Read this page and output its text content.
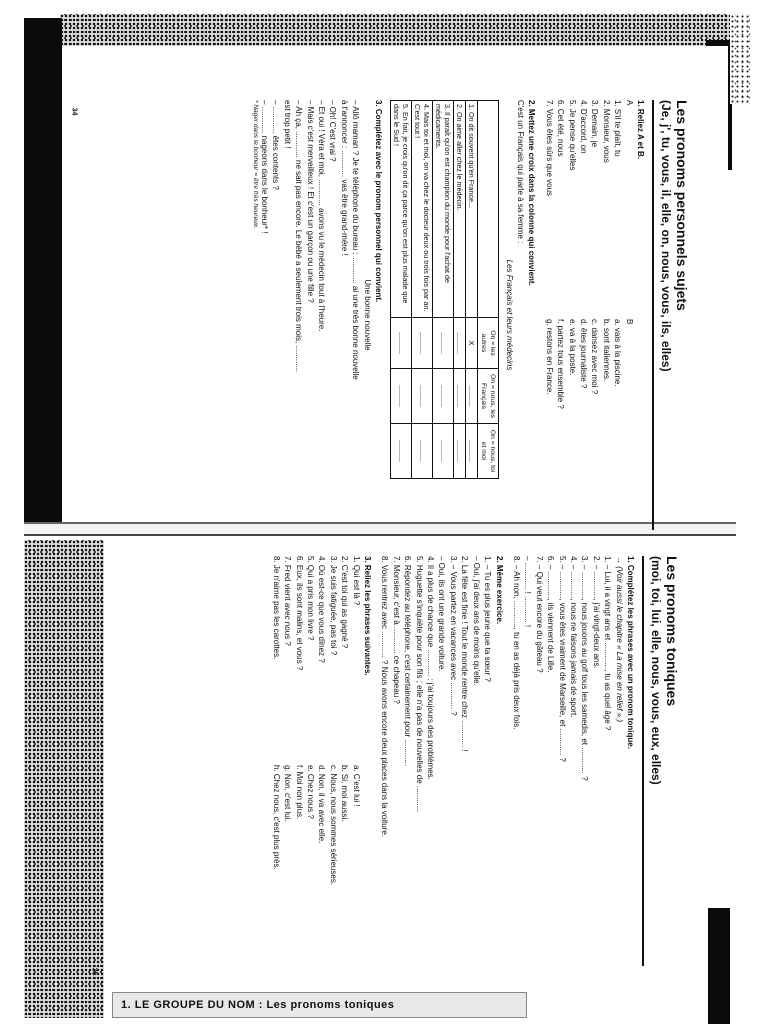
Les pronoms personnels sujets
(Je, j', tu, vous, il, elle, on, nous, vous, ils, elles)
1. Reliez A et B.
A
1. S'il te plaît, tu
2. Monsieur, vous
3. Demain, je
4. D'accord, on
5. Je pense qu'elles
6. Cet été, nous
7. Vous êtes sûrs que vous
B
a. vais à la piscine.
b. sont italiennes.
c. dansez avec moi ?
d. êtes journaliste ?
e. va à la poste.
f. partez tous ensemble ?
g. restons en France.
2. Mettez une croix dans la colonne qui convient.
C'est un Français qui parle à sa femme :
Les Français et leurs médecins
	On = les autres	On = nous, les Français	On = nous, toi et moi
1. On dit souvent qu'en France...	X	...........	...........
2. On aime aller chez le médecin.	...........	...........	...........
3. Il paraît qu'on est champion du monde pour l'achat de médicaments.	...........	...........	...........
4. Mais toi et moi, on va chez le docteur deux ou trois fois par an. C'est tout !	...........	...........	...........
5. En fait, je crois qu'on dit ça parce qu'on est plus malade que dans le Sud !	...........	...........	...........
3. Complétez avec le pronom personnel qui convient.
Une bonne nouvelle
– Allô maman ? Je te téléphone du bureau : ............ ai une très bonne nouvelle
à t'annoncer : ............ vas être grand-mère !
– Oh! C'est vrai ?
– Et oui ! Véra et moi, ............ avons vu le médecin tout à l'heure.
– Mais c'est merveilleux ! Et c'est un garçon ou une fille ?
– Ah ça, ............ ne sait pas encore. Le bébé a seulement trois mois, ............
est trop petit !
– ............ êtes contents ?
– ............ nageons dans le bonheur* !
* Nager dans le bonheur = être très heureux.
34
Les pronoms toniques
(moi, toi, lui, elle, nous, vous, eux, elles)
1. Complétez les phrases avec un pronom tonique.
→ (Voir aussi le chapitre « La mise en relief ».)
1. – Lui, il a vingt ans et ............, tu as quel âge ?
2. – ............, j'ai vingt-deux ans.
3. – ............, nous jouons au golf tous les samedis, et ............ ?
4. – ............, nous ne faisons jamais de sport.
5. – ............, vous êtes vraiment de Marseille, et ............ ?
6. – ............, ils viennent de Lille.
7. – Qui veut encore du gâteau ?
– ............ ! ............ !
8. – Ah non, ............, tu en as déjà pris deux fois.
2. Même exercice.
1. – Tu es plus jeune que ta sœur ?
– Oui, j'ai deux ans de moins qu'elle.
2. La fête est finie ! Tout le monde rentre chez ............ !
3. – Vous partez en vacances avec ............ ?
– Oui, ils ont une grande voiture.
4. Il a plus de chance que ............ : j'ai toujours des problèmes.
5. Huguette s'inquiète pour son fils ; elle n'a pas de nouvelles de ............
6. Répondez au téléphone, c'est certainement pour ............
7. Monsieur, c'est à ............ ce chapeau ?
8. Vous rentrez avec ............ ? Nous avons encore deux places dans la voiture.
3. Reliez les phrases suivantes.
1. Qui est là ?
2. C'est toi qui as gagné ?
3. Je suis fatiguée, pas toi ?
4. Où est-ce que vous dînez ?
5. Qui a pris mon livre ?
6. Eux, ils sont malins, et vous ?
7. Fred vient avec nous ?
8. Je n'aime pas les carottes.
a. C'est lui !
b. Si, moi aussi.
c. Nous, nous sommes sérieuses.
d. Non, il va avec elle.
e. Chez nous ?
f. Moi non plus.
g. Non, c'est lui.
h. Chez nous, c'est plus près.
35
1. LE GROUPE DU NOM : Les pronoms toniques
